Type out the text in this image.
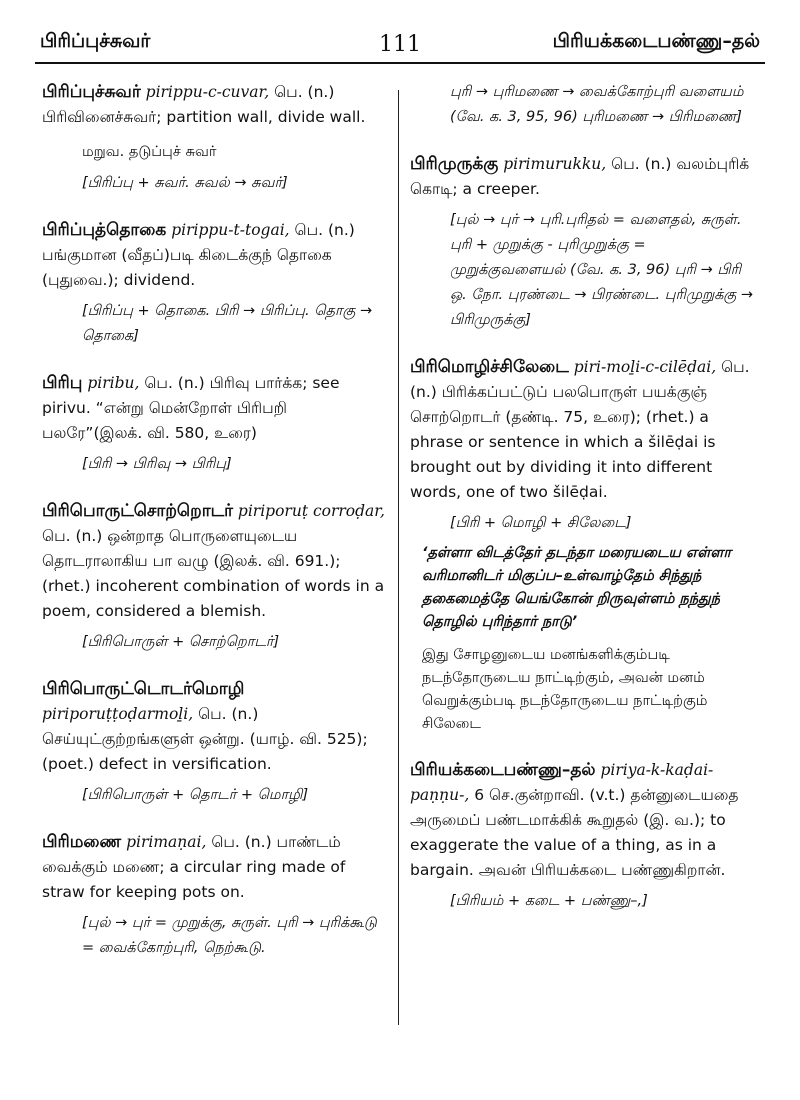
பிரிப்புச்சுவர்	111	பிரியக்கடைபண்ணு–தல்
பிரிப்புச்சுவர் pirippu-c-cuvar, பெ. (n.) பிரிவினைச்சுவர்; partition wall, divide wall.
மறுவ. தடுப்புச் சுவர்
[பிரிப்பு + சுவர். சுவல் → சுவர்]
பிரிப்புத்தொகை pirippu-t-togai, பெ. (n.) பங்குமான (வீதப்)படி கிடைக்குந் தொகை (புதுவை.); dividend.
[பிரிப்பு + தொகை. பிரி → பிரிப்பு. தொகு → தொகை]
பிரிபு piribu, பெ. (n.) பிரிவு பார்க்க; see pirivu. “என்று மென்றோள் பிரிபறி பலரே”(இலக். வி. 580, உரை)
[பிரி → பிரிவு → பிரிபு]
பிரிபொருட்சொற்றொடர் piriporuṭ corroḍar, பெ. (n.) ஒன்றாத பொருளையுடைய தொடராலாகிய பா வழு (இலக். வி. 691.); (rhet.) incoherent combination of words in a poem, considered a blemish.
[பிரிபொருள் + சொற்றொடர்]
பிரிபொருட்டொடர்மொழி piriporuṭṭoḍarmoḻi, பெ. (n.) செய்யுட்குற்றங்களுள் ஒன்று. (யாழ். வி. 525); (poet.) defect in versification.
[பிரிபொருள் + தொடர் + மொழி]
பிரிமணை pirimaṇai, பெ. (n.) பாண்டம் வைக்கும் மணை; a circular ring made of straw for keeping pots on.
[புல் → புர் = முறுக்கு, சுருள். புரி → புரிக்கூடு = வைக்கோற்புரி, நெற்கூடு.
புரி → புரிமணை → வைக்கோற்புரி வளையம் (வே. க. 3, 95, 96) புரிமணை → பிரிமணை]
பிரிமுருக்கு pirimurukku, பெ. (n.) வலம்புரிக் கொடி; a creeper.
[புல் → புர் → புரி.புரிதல் = வளைதல், சுருள். புரி + முறுக்கு - புரிமுறுக்கு = முறுக்குவளையல் (வே. க. 3, 96) புரி → பிரி ஒ. நோ. புரண்டை → பிரண்டை. புரிமுறுக்கு → பிரிமுருக்கு]
பிரிமொழிச்சிலேடை piri-moḻi-c-cilēḍai, பெ. (n.) பிரிக்கப்பட்டுப் பலபொருள் பயக்குஞ் சொற்றொடர் (தண்டி. 75, உரை); (rhet.) a phrase or sentence in which a šilēḍai is brought out by dividing it into different words, one of two šilēḍai.
[பிரி + மொழி + சிலேடை]
‘தள்ளா விடத்தேர் தடந்தா மரையடைய எள்ளா வரிமானிடர் மிகுப்ப–உள்வாழ்தேம் சிந்துந் தகைமைத்தே யெங்கோன் றிருவுள்ளம் நந்துந் தொழில் புரிந்தார் நாடு’
இது சோழனுடைய மனங்களிக்கும்படி நடந்தோருடைய நாட்டிற்கும், அவன் மனம் வெறுக்கும்படி நடந்தோருடைய நாட்டிற்கும் சிலேடை
பிரியக்கடைபண்ணு–தல் piriya-k-kaḍai-paṇṇu-, 6 செ.குன்றாவி. (v.t.) தன்னுடையதை அருமைப் பண்டமாக்கிக் கூறுதல் (இ. வ.); to exaggerate the value of a thing, as in a bargain. அவன் பிரியக்கடை பண்ணுகிறான்.
[பிரியம் + கடை + பண்ணு–,]
